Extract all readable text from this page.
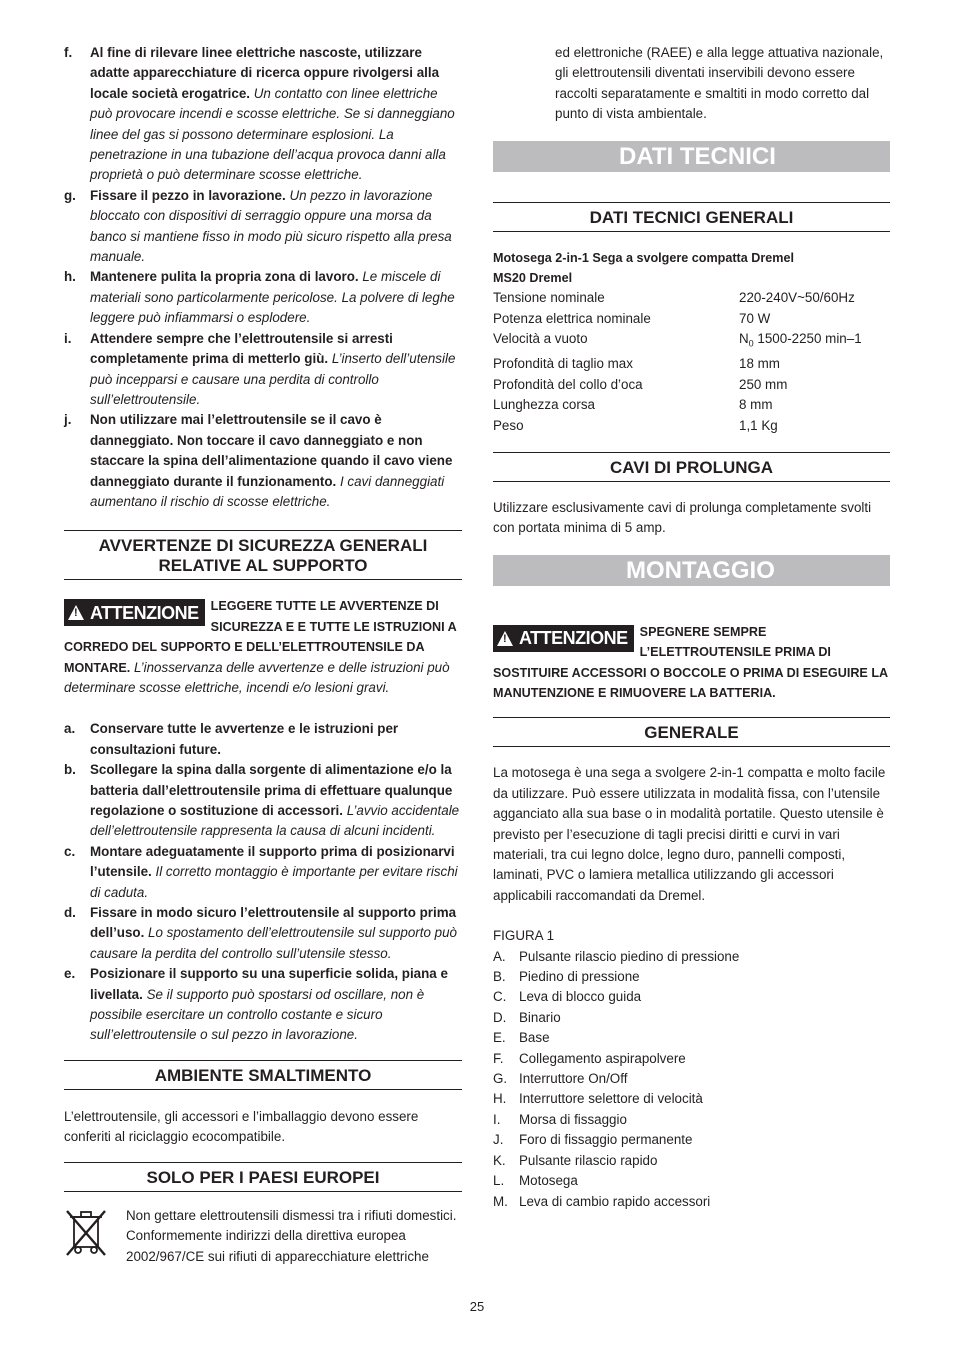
f.	Al fine di rilevare linee elettriche nascoste, utilizzare adatte apparecchiature di ricerca oppure rivolgersi alla locale società erogatrice. Un contatto con linee elettriche può provocare incendi e scosse elettriche. Se si danneggiano linee del gas si possono determinare esplosioni. La penetrazione in una tubazione dell’acqua provoca danni alla proprietà o può determinare scosse elettriche.
g.	Fissare il pezzo in lavorazione. Un pezzo in lavorazione bloccato con dispositivi di serraggio oppure una morsa da banco si mantiene fisso in modo più sicuro rispetto alla presa manuale.
h.	Mantenere pulita la propria zona di lavoro. Le miscele di materiali sono particolarmente pericolose. La polvere di leghe leggere può infiammarsi o esplodere.
i.	Attendere sempre che l’elettroutensile si arresti completamente prima di metterlo giù. L’inserto dell’utensile può incepparsi e causare una perdita di controllo sull’elettroutensile.
j.	Non utilizzare mai l’elettroutensile se il cavo è danneggiato. Non toccare il cavo danneggiato e non staccare la spina dell’alimentazione quando il cavo viene danneggiato durante il funzionamento. I cavi danneggiati aumentano il rischio di scosse elettriche.
AVVERTENZE DI SICUREZZA GENERALI
RELATIVE AL SUPPORTO
!
ATTENZIONE LEGGERE TUTTE LE AVVERTENZE DI SICUREZZA E E TUTTE LE ISTRUZIONI A CORREDO DEL SUPPORTO E DELL’ELETTROUTENSILE DA MONTARE. L’inosservanza delle avvertenze e delle istruzioni può determinare scosse elettriche, incendi e/o lesioni gravi.
a.	Conservare tutte le avvertenze e le istruzioni per consultazioni future.
b.	Scollegare la spina dalla sorgente di alimentazione e/o la batteria dall’elettroutensile prima di effettuare qualunque regolazione o sostituzione di accessori. L’avvio accidentale dell’elettroutensile rappresenta la causa di alcuni incidenti.
c.	Montare adeguatamente il supporto prima di posizionarvi l’utensile. Il corretto montaggio è importante per evitare rischi di caduta.
d.	Fissare in modo sicuro l’elettroutensile al supporto prima dell’uso. Lo spostamento dell’elettroutensile sul supporto può causare la perdita del controllo sull’utensile stesso.
e.	Posizionare il supporto su una superficie solida, piana e livellata. Se il supporto può spostarsi od oscillare, non è possibile esercitare un controllo costante e sicuro sull’elettroutensile o sul pezzo in lavorazione.
AMBIENTE SMALTIMENTO

L’elettroutensile, gli accessori e l’imballaggio devono essere conferiti al riciclaggio ecocompatibile.

SOLO PER I PAESI EUROPEI

Non gettare elettroutensili dismessi tra i rifiuti domestici. Conformemente indirizzi della direttiva europea 2002/967/CE sui rifiuti di apparecchiature elettriche

ed elettroniche (RAEE) e alla legge attuativa nazionale, gli elettroutensili diventati inservibili devono essere raccolti separatamente e smaltiti in modo corretto dal punto di vista ambientale.

DATI TECNICI
DATI TECNICI GENERALI

Motosega 2-in-1 Sega a svolgere compatta Dremel MS20 Dremel

Tensione nominale	220-240V~50/60Hz
Potenza elettrica nominale	70 W
Velocità a vuoto	$N_0$ 1500-2250 min–1
Profondità di taglio max	18 mm
Profondità del collo d’oca	250 mm
Lunghezza corsa	8 mm
Peso	1,1 Kg
CAVI DI PROLUNGA

Utilizzare esclusivamente cavi di prolunga completamente svolti con portata minima di 5 amp.

MONTAGGIO
!
ATTENZIONE SPEGNERE SEMPRE L’ELETTROUTENSILE PRIMA DI SOSTITUIRE ACCESSORI O BOCCOLE O PRIMA DI ESEGUIRE LA MANUTENZIONE E RIMUOVERE LA BATTERIA.
GENERALE

La motosega è una sega a svolgere 2-in-1 compatta e molto facile da utilizzare. Può essere utilizzata in modalità fissa, con l’utensile agganciato alla sua base o in modalità portatile. Questo utensile è previsto per l’esecuzione di tagli precisi diritti e curvi in vari materiali, tra cui legno dolce, legno duro, pannelli composti, laminati, PVC o lamiera metallica utilizzando gli accessori applicabili raccomandati da Dremel.

FIGURA 1

A. Pulsante rilascio piedino di pressione
B. Piedino di pressione
C. Leva di blocco guida
D. Binario
E. Base
F.	Collegamento aspirapolvere
G. Interruttore On/Off
H. Interruttore selettore di velocità
I.	Morsa di fissaggio
J.	Foro di fissaggio permanente
K. Pulsante rilascio rapido
L.	Motosega
M. Leva di cambio rapido accessori
25
